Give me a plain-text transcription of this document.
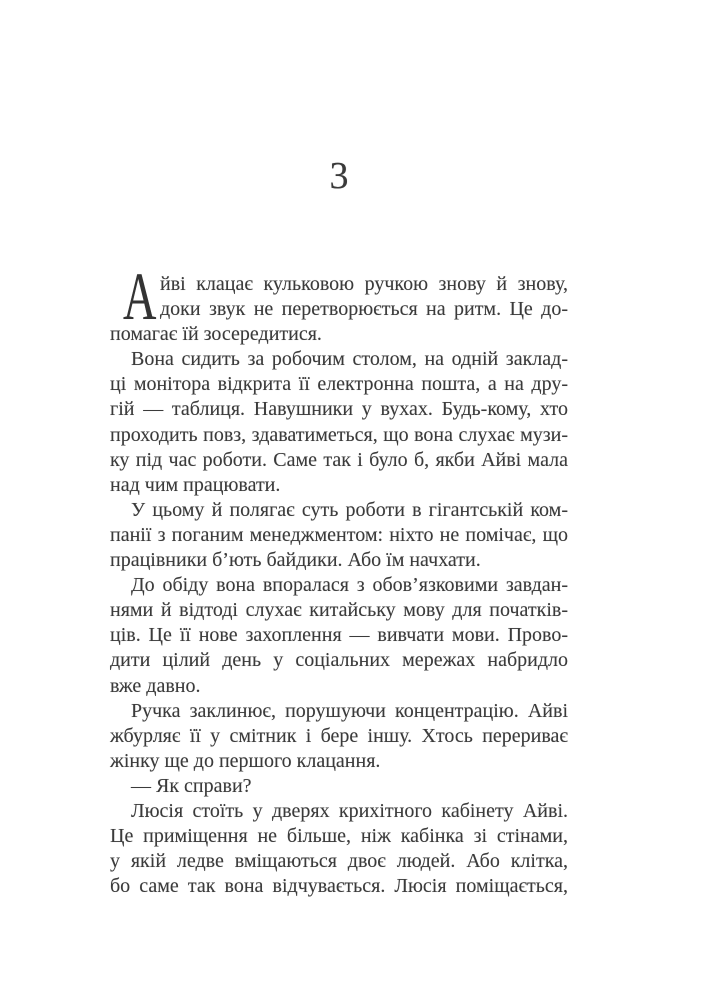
3
А йві клацає кульковою ручкою знову й знову,
доки звук не перетворюється на ритм. Це до-
помагає їй зосередитися.
Вона сидить за робочим столом, на одній заклад-
ці монітора відкрита її електронна пошта, а на дру-
гій — таблиця. Навушники у вухах. Будь-кому, хто
проходить повз, здаватиметься, що вона слухає музи-
ку під час роботи. Саме так і було б, якби Айві мала
над чим працювати.
У цьому й полягає суть роботи в гігантській ком-
панії з поганим менеджментом: ніхто не помічає, що
працівники б’ють байдики. Або їм начхати.
До обіду вона впоралася з обов’язковими завдан-
нями й відтоді слухає китайську мову для початків-
ців. Це її нове захоплення — вивчати мови. Прово-
дити цілий день у соціальних мережах набридло
вже давно.
Ручка заклинює, порушуючи концентрацію. Айві
жбурляє її у смітник і бере іншу. Хтось перериває
жінку ще до першого клацання.
— Як справи?
Люсія стоїть у дверях крихітного кабінету Айві.
Це приміщення не більше, ніж кабінка зі стінами,
у якій ледве вміщаються двоє людей. Або клітка,
бо саме так вона відчувається. Люсія поміщається,
